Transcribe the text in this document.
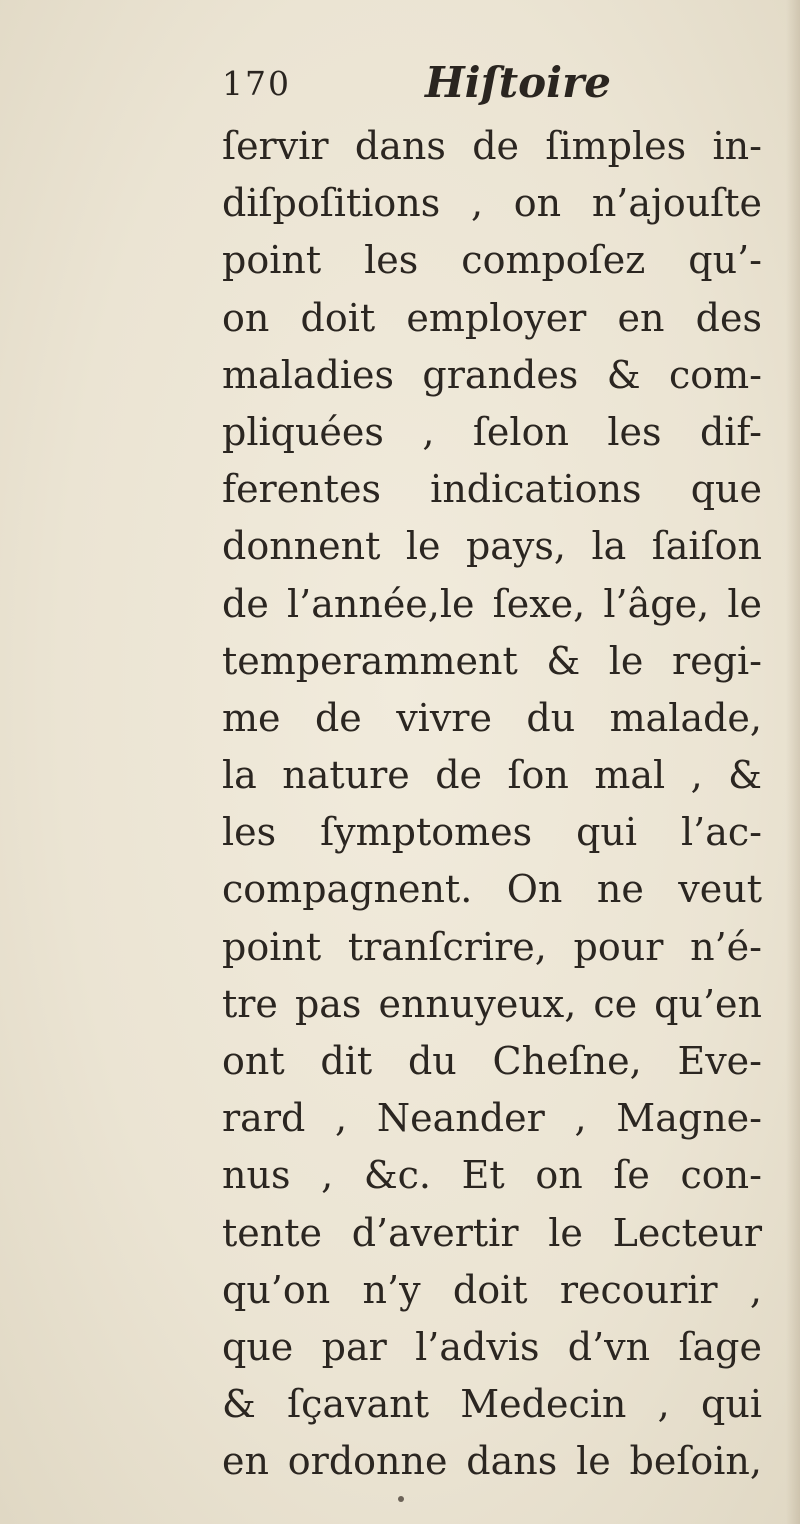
170	Hiſtoire
ſervir dans de ſimples in-
diſpoſitions , on n’ajouſte
point les compoſez qu’-
on doit employer en des
maladies grandes & com-
pliquées , ſelon les dif-
ferentes indications que
donnent le pays, la ſaiſon
de l’année,le ſexe, l’âge, le
temperamment & le regi-
me de vivre du malade,
la nature de ſon mal , &
les ſymptomes qui l’ac-
compagnent. On ne veut
point tranſcrire, pour n’é-
tre pas ennuyeux, ce qu’en
ont dit du Cheſne, Eve-
rard , Neander , Magne-
nus , &c. Et on ſe con-
tente d’avertir le Lecteur
qu’on n’y doit recourir ,
que par l’advis d’vn ſage
& ſçavant Medecin , qui
en ordonne dans le beſoin,
